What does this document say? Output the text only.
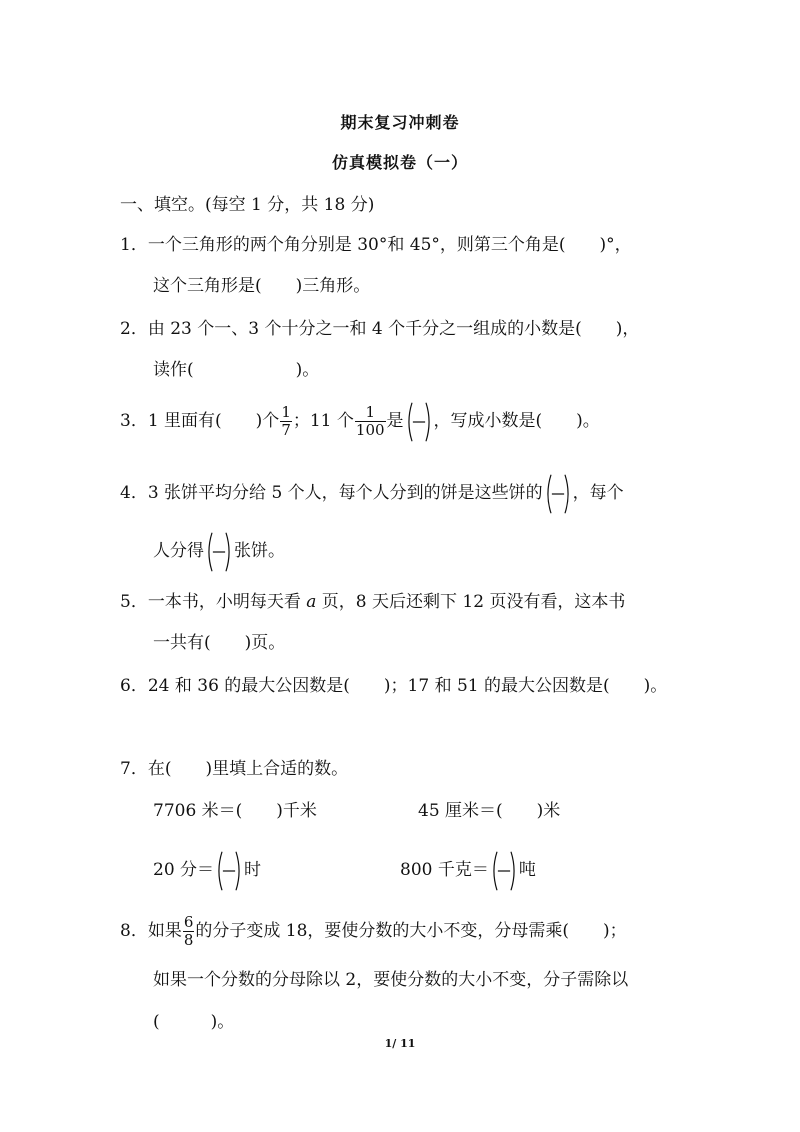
期末复习冲刺卷
仿真模拟卷（一）
一、填空。(每空 1 分，共 18 分)
1．一个三角形的两个角分别是 30°和 45°，则第三个角是(　　)°，
这个三角形是(　　)三角形。
2．由 23 个一、3 个十分之一和 4 个千分之一组成的小数是(　　)，
读作(　　　　　　)。
3．1 里面有(　　)个 $\frac{1}{7}$ ；11 个 $\frac{1}{100}$ 是 ，写成小数是(　　)。
4．3 张饼平均分给 5 个人，每个人分到的饼是这些饼的 ，每个
人分得 张饼。
5．一本书，小明每天看 a 页，8 天后还剩下 12 页没有看，这本书
一共有(　　)页。
6．24 和 36 的最大公因数是(　　)；17 和 51 的最大公因数是(　　)。
7．在(　　)里填上合适的数。
7706 米＝(　　)千米	45 厘米＝(　　)米
20 分＝ 时	800 千克＝ 吨
8．如果 $\frac{6}{8}$ 的分子变成 18，要使分数的大小不变，分母需乘(　　)；
如果一个分数的分母除以 2，要使分数的大小不变，分子需除以
(　　　)。
1/ 11
